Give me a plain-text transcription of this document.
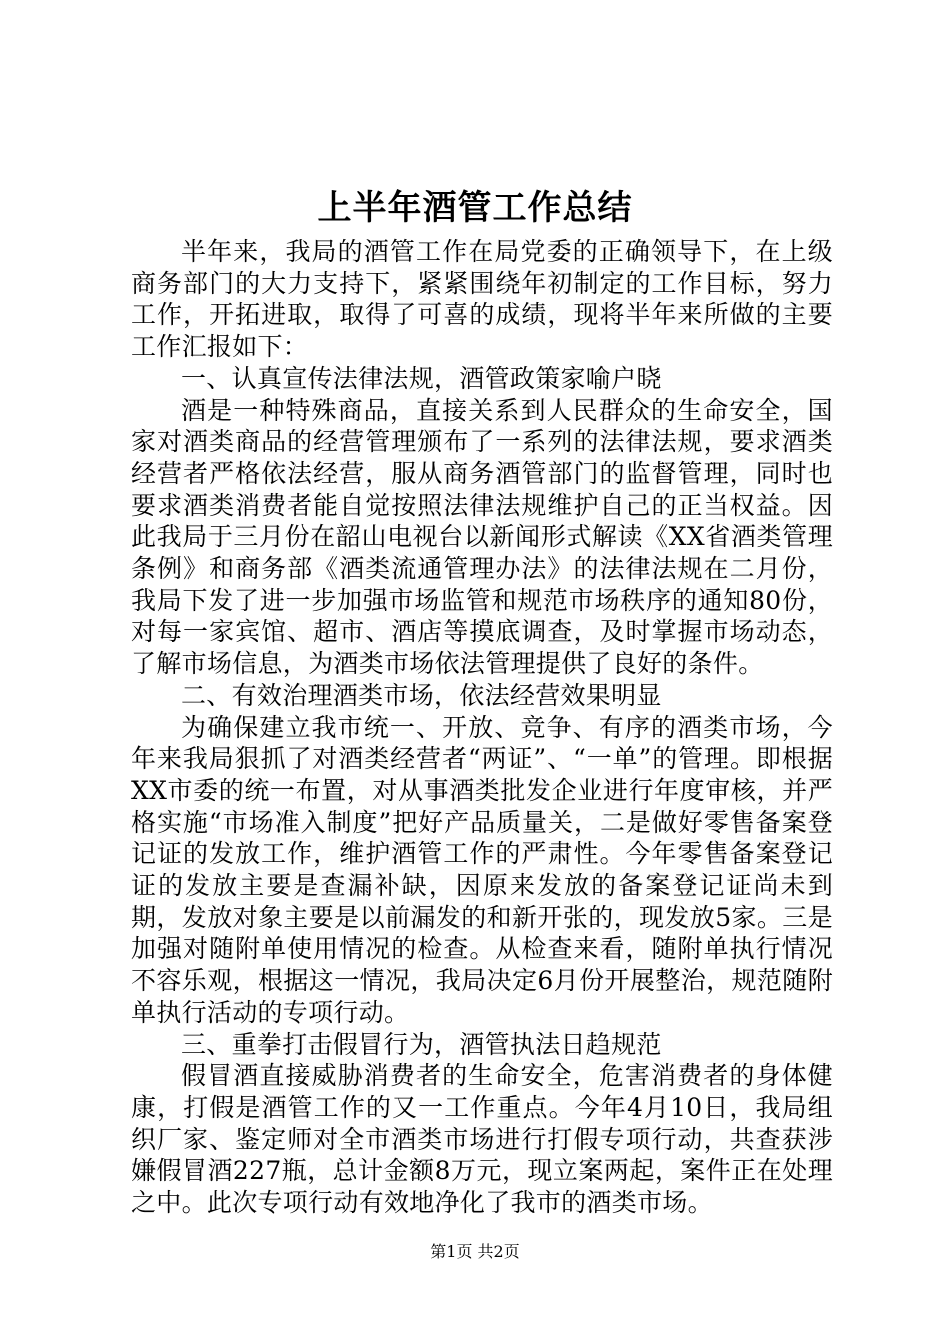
上半年酒管工作总结

半年来，我局的酒管工作在局党委的正确领导下，在上级商务部门的大力支持下，紧紧围绕年初制定的工作目标，努力工作，开拓进取，取得了可喜的成绩，现将半年来所做的主要工作汇报如下：

一、认真宣传法律法规，酒管政策家喻户晓

酒是一种特殊商品，直接关系到人民群众的生命安全，国家对酒类商品的经营管理颁布了一系列的法律法规，要求酒类经营者严格依法经营，服从商务酒管部门的监督管理，同时也要求酒类消费者能自觉按照法律法规维护自己的正当权益。因此我局于三月份在韶山电视台以新闻形式解读《XX省酒类管理条例》和商务部《酒类流通管理办法》的法律法规在二月份，我局下发了进一步加强市场监管和规范市场秩序的通知80份，对每一家宾馆、超市、酒店等摸底调查，及时掌握市场动态，了解市场信息，为酒类市场依法管理提供了良好的条件。

二、有效治理酒类市场，依法经营效果明显

为确保建立我市统一、开放、竞争、有序的酒类市场，今年来我局狠抓了对酒类经营者“两证”、“一单”的管理。即根据XX市委的统一布置，对从事酒类批发企业进行年度审核，并严格实施“市场准入制度”把好产品质量关，二是做好零售备案登记证的发放工作，维护酒管工作的严肃性。今年零售备案登记证的发放主要是查漏补缺，因原来发放的备案登记证尚未到期，发放对象主要是以前漏发的和新开张的，现发放5家。三是加强对随附单使用情况的检查。从检查来看，随附单执行情况不容乐观，根据这一情况，我局决定6月份开展整治，规范随附单执行活动的专项行动。

三、重拳打击假冒行为，酒管执法日趋规范

假冒酒直接威胁消费者的生命安全，危害消费者的身体健康，打假是酒管工作的又一工作重点。今年4月10日，我局组织厂家、鉴定师对全市酒类市场进行打假专项行动，共查获涉嫌假冒酒227瓶，总计金额8万元，现立案两起，案件正在处理之中。此次专项行动有效地净化了我市的酒类市场。

第1页 共2页
